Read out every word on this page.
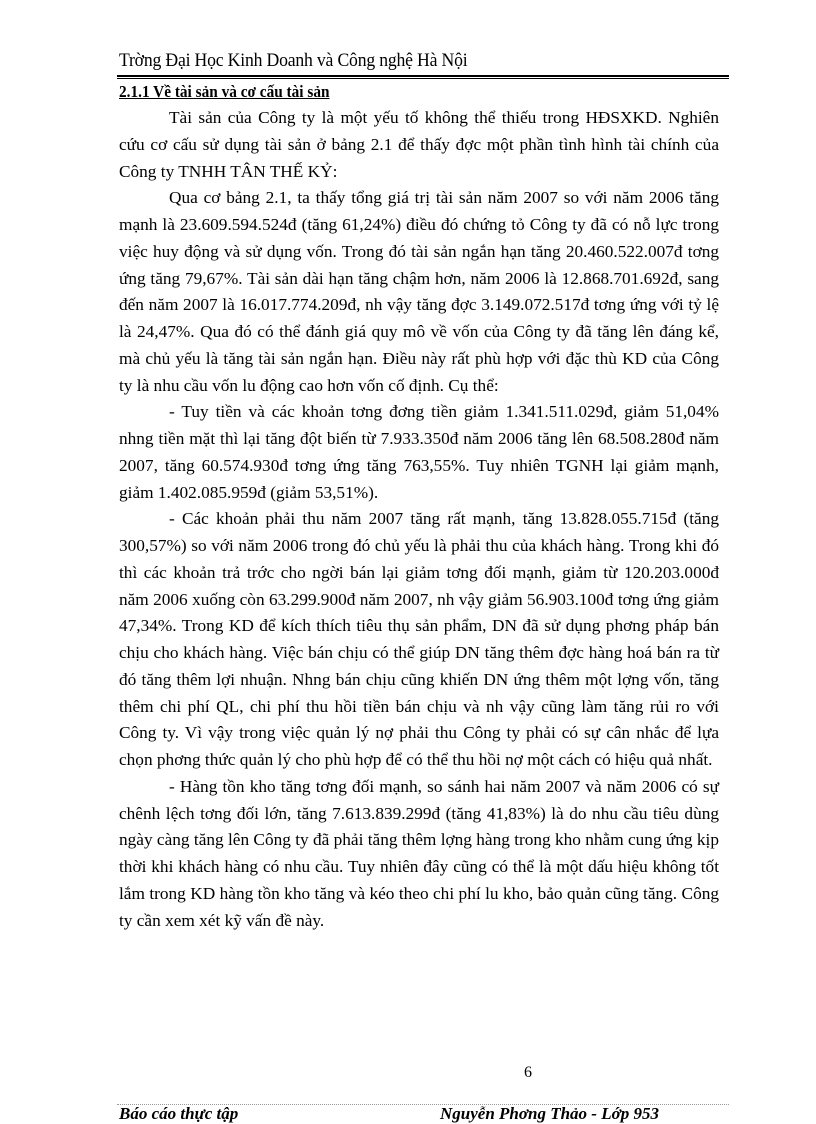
Trờng Đại Học Kinh Doanh và Công nghệ Hà Nội
2.1.1 Về tài sản và cơ cấu tài sản

Tài sản của Công ty là một yếu tố không thể thiếu trong HĐSXKD. Nghiên cứu cơ cấu sử dụng tài sản ở bảng 2.1 để thấy đợc một phần tình hình tài chính của Công ty TNHH TÂN THẾ KỶ:

Qua cơ bảng 2.1, ta thấy tổng giá trị tài sản năm 2007 so với năm 2006 tăng mạnh là 23.609.594.524đ (tăng 61,24%) điều đó chứng tỏ Công ty đã có nỗ lực trong việc huy động và sử dụng vốn. Trong đó tài sản ngắn hạn tăng 20.460.522.007đ tơng ứng tăng 79,67%. Tài sản dài hạn tăng chậm hơn, năm 2006 là 12.868.701.692đ, sang đến năm 2007 là 16.017.774.209đ, nh vậy tăng đợc 3.149.072.517đ tơng ứng với tỷ lệ là 24,47%. Qua đó có thể đánh giá quy mô về vốn của Công ty đã tăng lên đáng kể, mà chủ yếu là tăng tài sản ngắn hạn. Điều này rất phù hợp với đặc thù KD của Công ty là nhu cầu vốn lu động cao hơn vốn cố định. Cụ thể:

- Tuy tiền và các khoản tơng đơng tiền giảm 1.341.511.029đ, giảm 51,04% nhng tiền mặt thì lại tăng đột biến từ 7.933.350đ năm 2006 tăng lên 68.508.280đ năm 2007, tăng 60.574.930đ tơng ứng tăng 763,55%. Tuy nhiên TGNH lại giảm mạnh, giảm 1.402.085.959đ (giảm 53,51%).

- Các khoản phải thu năm 2007 tăng rất mạnh, tăng 13.828.055.715đ (tăng 300,57%) so với năm 2006 trong đó chủ yếu là phải thu của khách hàng. Trong khi đó thì các khoản trả trớc cho ngời bán lại giảm tơng đối mạnh, giảm từ 120.203.000đ năm 2006 xuống còn 63.299.900đ năm 2007, nh vậy giảm 56.903.100đ tơng ứng giảm 47,34%. Trong KD để kích thích tiêu thụ sản phẩm, DN đã sử dụng phơng pháp bán chịu cho khách hàng. Việc bán chịu có thể giúp DN tăng thêm đợc hàng hoá bán ra từ đó tăng thêm lợi nhuận. Nhng bán chịu cũng khiến DN ứng thêm một lợng vốn, tăng thêm chi phí QL, chi phí thu hồi tiền bán chịu và nh vậy cũng làm tăng rủi ro với Công ty. Vì vậy trong việc quản lý nợ phải thu Công ty phải có sự cân nhắc để lựa chọn phơng thức quản lý cho phù hợp để có thể thu hồi nợ một cách có hiệu quả nhất.

- Hàng tồn kho tăng tơng đối mạnh, so sánh hai năm 2007 và năm 2006 có sự chênh lệch tơng đối lớn, tăng 7.613.839.299đ (tăng 41,83%) là do nhu cầu tiêu dùng ngày càng tăng lên Công ty đã phải tăng thêm lợng hàng trong kho nhằm cung ứng kịp thời khi khách hàng có nhu cầu. Tuy nhiên đây cũng có thể là một dấu hiệu không tốt lắm trong KD hàng tồn kho tăng và kéo theo chi phí lu kho, bảo quản cũng tăng. Công ty cần xem xét kỹ vấn đề này.

6
Báo cáo thực tập	Nguyễn Phơng Thảo - Lớp 953
